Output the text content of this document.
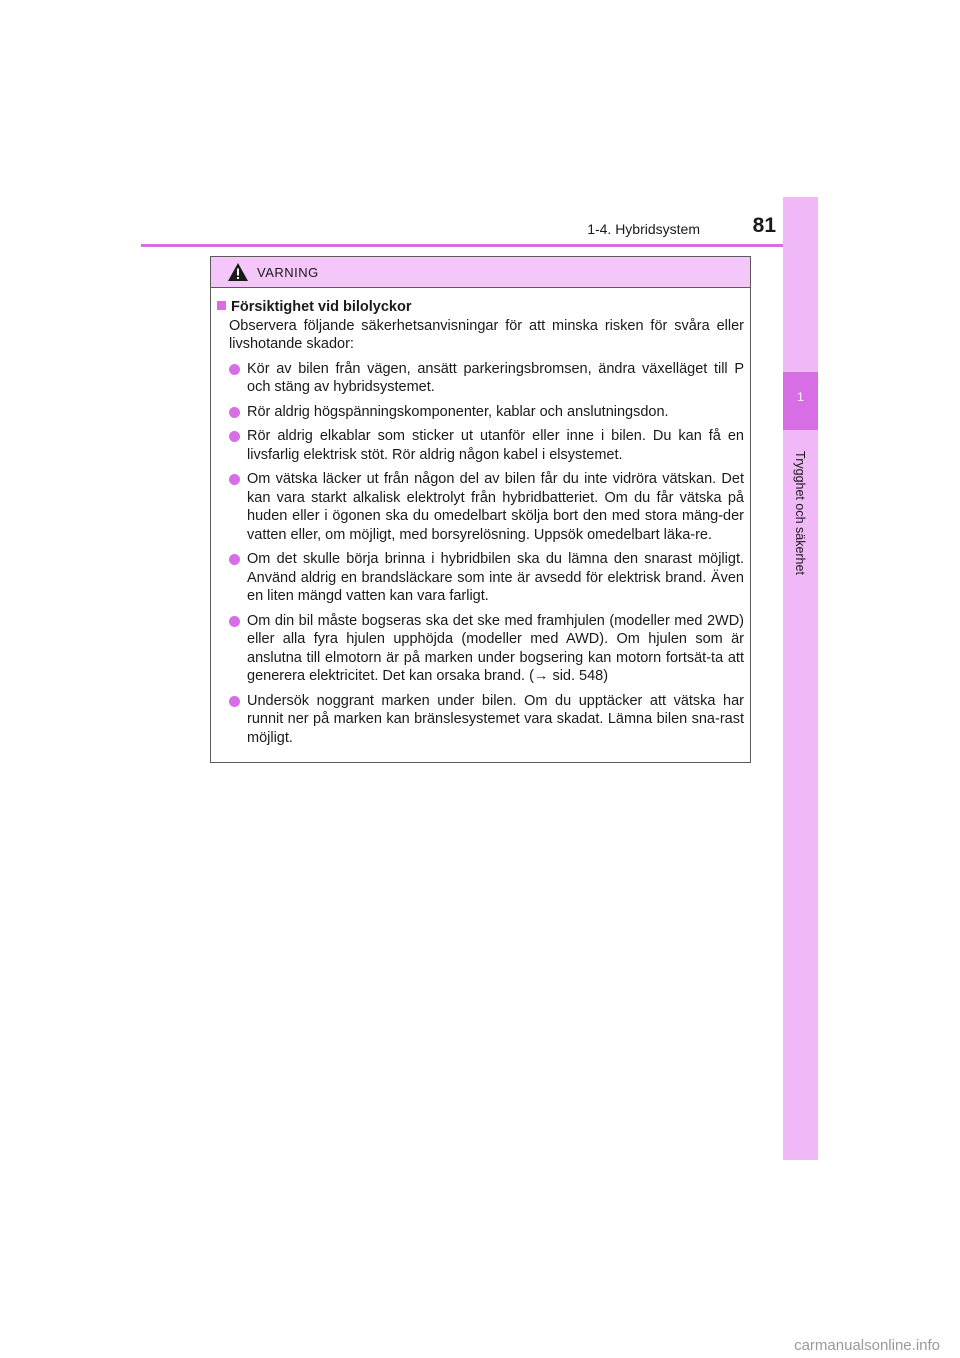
1-4. Hybridsystem	81
1
Trygghet och säkerhet
VARNING
Försiktighet vid bilolyckor
Observera följande säkerhetsanvisningar för att minska risken för svåra eller livshotande skador:
Kör av bilen från vägen, ansätt parkeringsbromsen, ändra växelläget till P och stäng av hybridsystemet.
Rör aldrig högspänningskomponenter, kablar och anslutningsdon.
Rör aldrig elkablar som sticker ut utanför eller inne i bilen. Du kan få en livsfarlig elektrisk stöt. Rör aldrig någon kabel i elsystemet.
Om vätska läcker ut från någon del av bilen får du inte vidröra vätskan. Det kan vara starkt alkalisk elektrolyt från hybridbatteriet. Om du får vätska på huden eller i ögonen ska du omedelbart skölja bort den med stora mäng-der vatten eller, om möjligt, med borsyrelösning. Uppsök omedelbart läka-re.
Om det skulle börja brinna i hybridbilen ska du lämna den snarast möjligt. Använd aldrig en brandsläckare som inte är avsedd för elektrisk brand. Även en liten mängd vatten kan vara farligt.
Om din bil måste bogseras ska det ske med framhjulen (modeller med 2WD) eller alla fyra hjulen upphöjda (modeller med AWD). Om hjulen som är anslutna till elmotorn är på marken under bogsering kan motorn fortsät-ta att generera elektricitet. Det kan orsaka brand. (→ sid. 548)
Undersök noggrant marken under bilen. Om du upptäcker att vätska har runnit ner på marken kan bränslesystemet vara skadat. Lämna bilen sna-rast möjligt.
carmanualsonline.info
